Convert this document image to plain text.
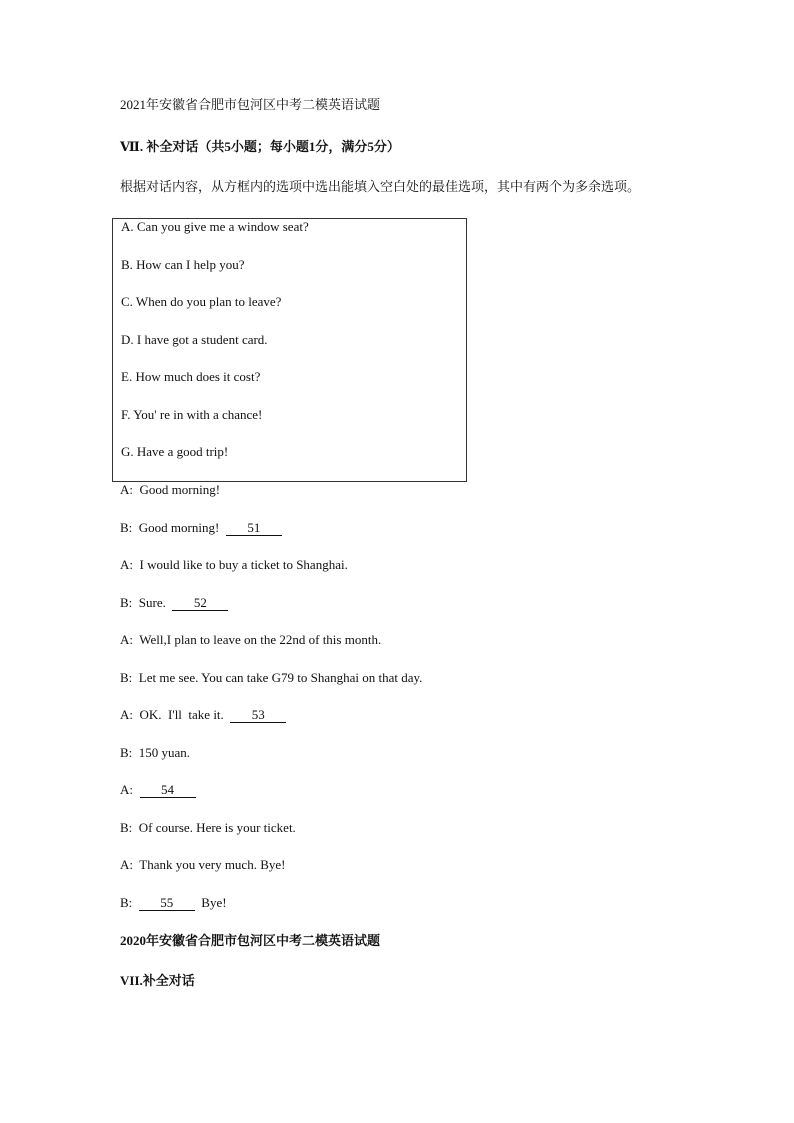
2021年安徽省合肥市包河区中考二模英语试题

Ⅶ. 补全对话（共5小题；每小题1分，满分5分）

根据对话内容，从方框内的选项中选出能填入空白处的最佳选项，其中有两个为多余选项。

A. Can you give me a window seat?

B. How can I help you?

C. When do you plan to leave?

D. I have got a student card.

E. How much does it cost?

F. You' re in with a chance!

G. Have a good trip!

A:  Good morning!

B:  Good morning!  51

A:  I would like to buy a ticket to Shanghai.

B:  Sure.  52

A:  Well,I plan to leave on the 22nd of this month.

B:  Let me see. You can take G79 to Shanghai on that day.

A:  OK.  I'll  take it.  53

B:  150 yuan.

A:  54

B:  Of course. Here is your ticket.

A:  Thank you very much. Bye!

B:  55  Bye!

2020年安徽省合肥市包河区中考二模英语试题

VII.补全对话
